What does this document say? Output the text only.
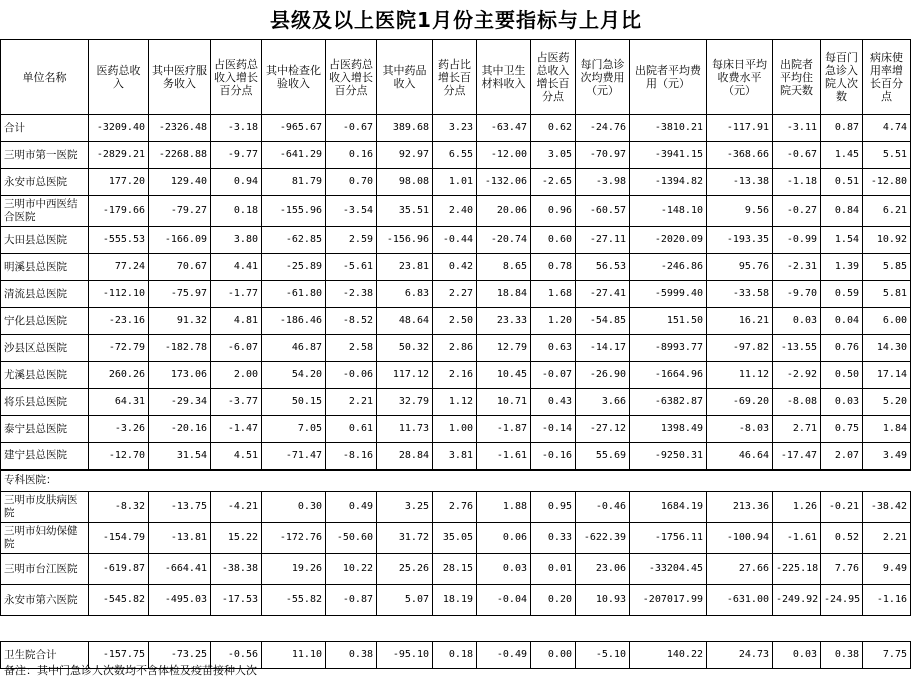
县级及以上医院1月份主要指标与上月比
单位名称	医药总收入	其中医疗服务收入	占医药总收入增长百分点	其中检查化验收入	占医药总收入增长百分点	其中药品收入	药占比增长百分点	其中卫生材料收入	占医药总收入增长百分点	每门急诊次均费用（元）	出院者平均费用（元）	每床日平均收费水平（元）	出院者平均住院天数	每百门急诊入院人次数	病床使用率增长百分点
合计	-3209.40	-2326.48	-3.18	-965.67	-0.67	389.68	3.23	-63.47	0.62	-24.76	-3810.21	-117.91	-3.11	0.87	4.74
三明市第一医院	-2829.21	-2268.88	-9.77	-641.29	0.16	92.97	6.55	-12.00	3.05	-70.97	-3941.15	-368.66	-0.67	1.45	5.51
永安市总医院	177.20	129.40	0.94	81.79	0.70	98.08	1.01	-132.06	-2.65	-3.98	-1394.82	-13.38	-1.18	0.51	-12.80
三明市中西医结合医院	-179.66	-79.27	0.18	-155.96	-3.54	35.51	2.40	20.06	0.96	-60.57	-148.10	9.56	-0.27	0.84	6.21
大田县总医院	-555.53	-166.09	3.80	-62.85	2.59	-156.96	-0.44	-20.74	0.60	-27.11	-2020.09	-193.35	-0.99	1.54	10.92
明溪县总医院	77.24	70.67	4.41	-25.89	-5.61	23.81	0.42	8.65	0.78	56.53	-246.86	95.76	-2.31	1.39	5.85
清流县总医院	-112.10	-75.97	-1.77	-61.80	-2.38	6.83	2.27	18.84	1.68	-27.41	-5999.40	-33.58	-9.70	0.59	5.81
宁化县总医院	-23.16	91.32	4.81	-186.46	-8.52	48.64	2.50	23.33	1.20	-54.85	151.50	16.21	0.03	0.04	6.00
沙县区总医院	-72.79	-182.78	-6.07	46.87	2.58	50.32	2.86	12.79	0.63	-14.17	-8993.77	-97.82	-13.55	0.76	14.30
尤溪县总医院	260.26	173.06	2.00	54.20	-0.06	117.12	2.16	10.45	-0.07	-26.90	-1664.96	11.12	-2.92	0.50	17.14
将乐县总医院	64.31	-29.34	-3.77	50.15	2.21	32.79	1.12	10.71	0.43	3.66	-6382.87	-69.20	-8.08	0.03	5.20
泰宁县总医院	-3.26	-20.16	-1.47	7.05	0.61	11.73	1.00	-1.87	-0.14	-27.12	1398.49	-8.03	2.71	0.75	1.84
建宁县总医院	-12.70	31.54	4.51	-71.47	-8.16	28.84	3.81	-1.61	-0.16	55.69	-9250.31	46.64	-17.47	2.07	3.49
专科医院：															
三明市皮肤病医院	-8.32	-13.75	-4.21	0.30	0.49	3.25	2.76	1.88	0.95	-0.46	1684.19	213.36	1.26	-0.21	-38.42
三明市妇幼保健院	-154.79	-13.81	15.22	-172.76	-50.60	31.72	35.05	0.06	0.33	-622.39	-1756.11	-100.94	-1.61	0.52	2.21
三明市台江医院	-619.87	-664.41	-38.38	19.26	10.22	25.26	28.15	0.03	0.01	23.06	-33204.45	27.66	-225.18	7.76	9.49
永安市第六医院	-545.82	-495.03	-17.53	-55.82	-0.87	5.07	18.19	-0.04	0.20	10.93	-207017.99	-631.00	-249.92	-24.95	-1.16

卫生院合计	-157.75	-73.25	-0.56	11.10	0.38	-95.10	0.18	-0.49	0.00	-5.10	140.22	24.73	0.03	0.38	7.75
备注：其中门急诊人次数均不含体检及疫苗接种人次
